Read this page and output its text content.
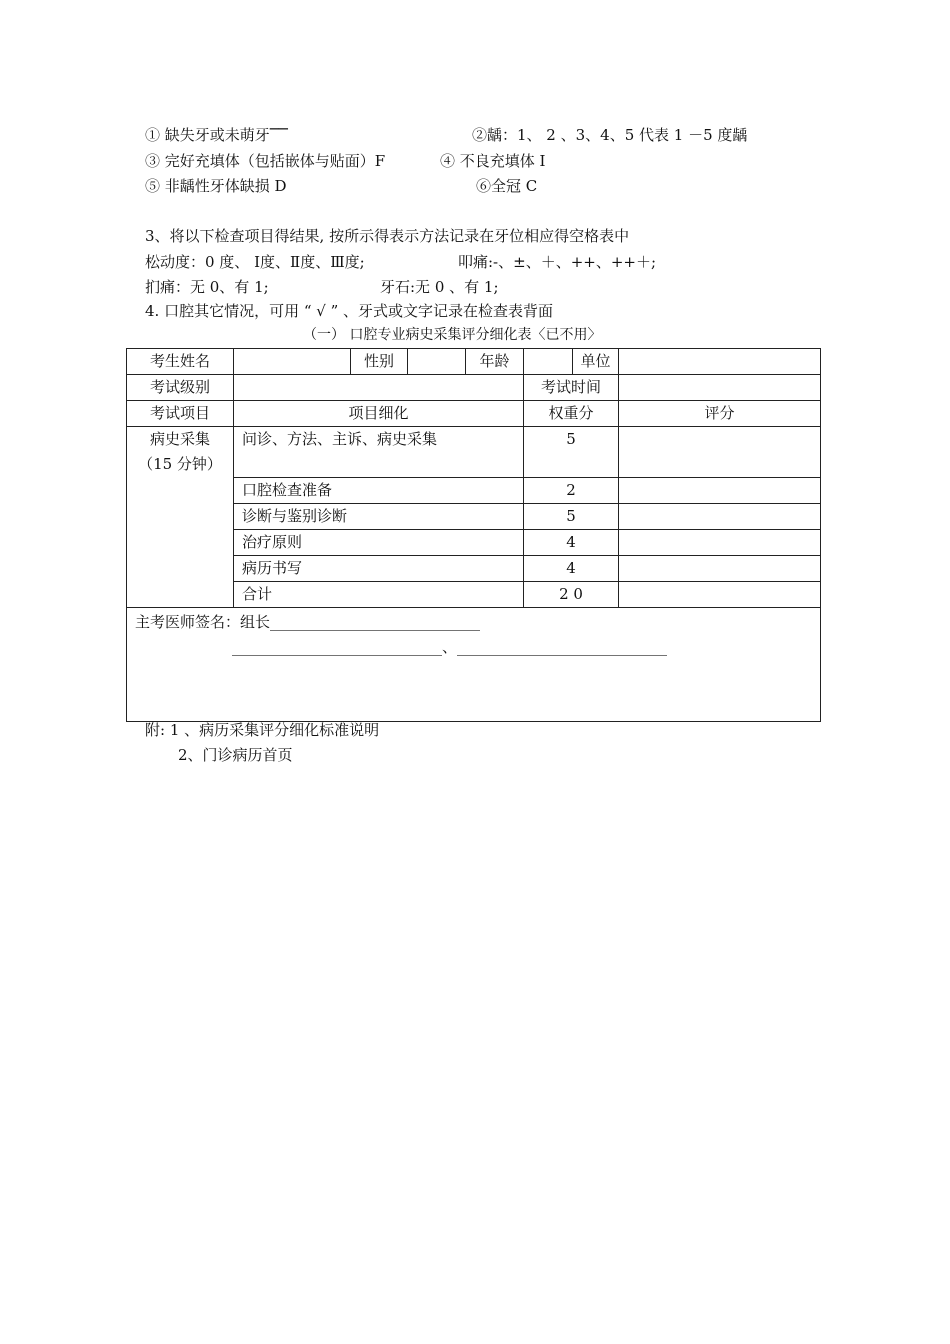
① 缺失牙或未萌牙──	②龋：1、 2 、3、4、5 代表 1 －5 度龋
③ 完好充填体（包括嵌体与贴面）F	④ 不良充填体 I
⑤ 非龋性牙体缺损 D	⑥全冠 C
3、将以下检查项目得结果, 按所示得表示方法记录在牙位相应得空格表中
松动度：0 度、 Ⅰ度、Ⅱ度、Ⅲ度;	叩痛:-、±、＋、++、++＋;
扪痛：无 0、有 1;	牙石:无 0 、有 1;
4. 口腔其它情况，可用 “ √ ” 、牙式或文字记录在检查表背面
（一） 口腔专业病史采集评分细化表〈已不用〉
考生姓名		性别		年龄	单位	

考试级别					考试时间	
考试项目	项目细化				权重分	评分

病史采集
（15 分钟）	问诊、方法、主诉、病史采集				5	
	口腔检查准备				2	
	诊断与鉴别诊断				5	
	治疗原则				4	
	病历书写				4	
	合计				2 0	

主考医师签名：组长____________________________
____________________________、____________________________						
附: 1 、病历采集评分细化标准说明
2、门诊病历首页
